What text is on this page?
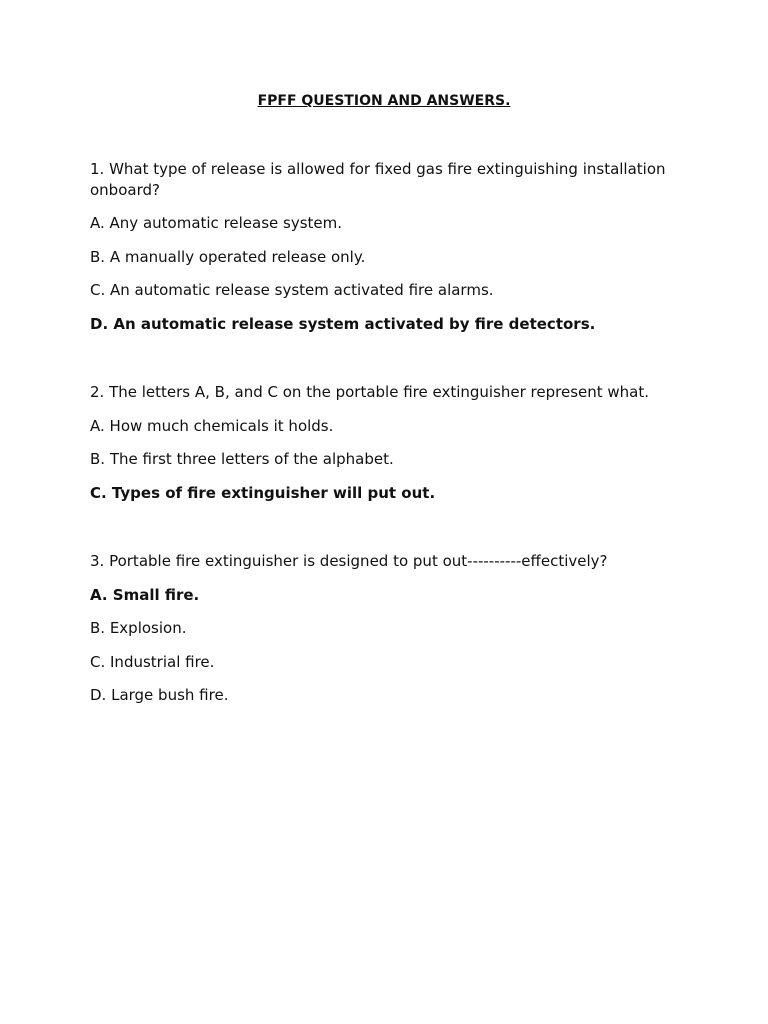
FPFF QUESTION AND ANSWERS.

1. What type of release is allowed for fixed gas fire extinguishing installation onboard?

A. Any automatic release system.

B. A manually operated release only.

C. An automatic release system activated fire alarms.

D. An automatic release system activated by fire detectors.

2. The letters A, B, and C on the portable fire extinguisher represent what.

A. How much chemicals it holds.

B. The first three letters of the alphabet.

C. Types of fire extinguisher will put out.

3. Portable fire extinguisher is designed to put out----------effectively?

A. Small fire.

B. Explosion.

C. Industrial fire.

D. Large bush fire.
